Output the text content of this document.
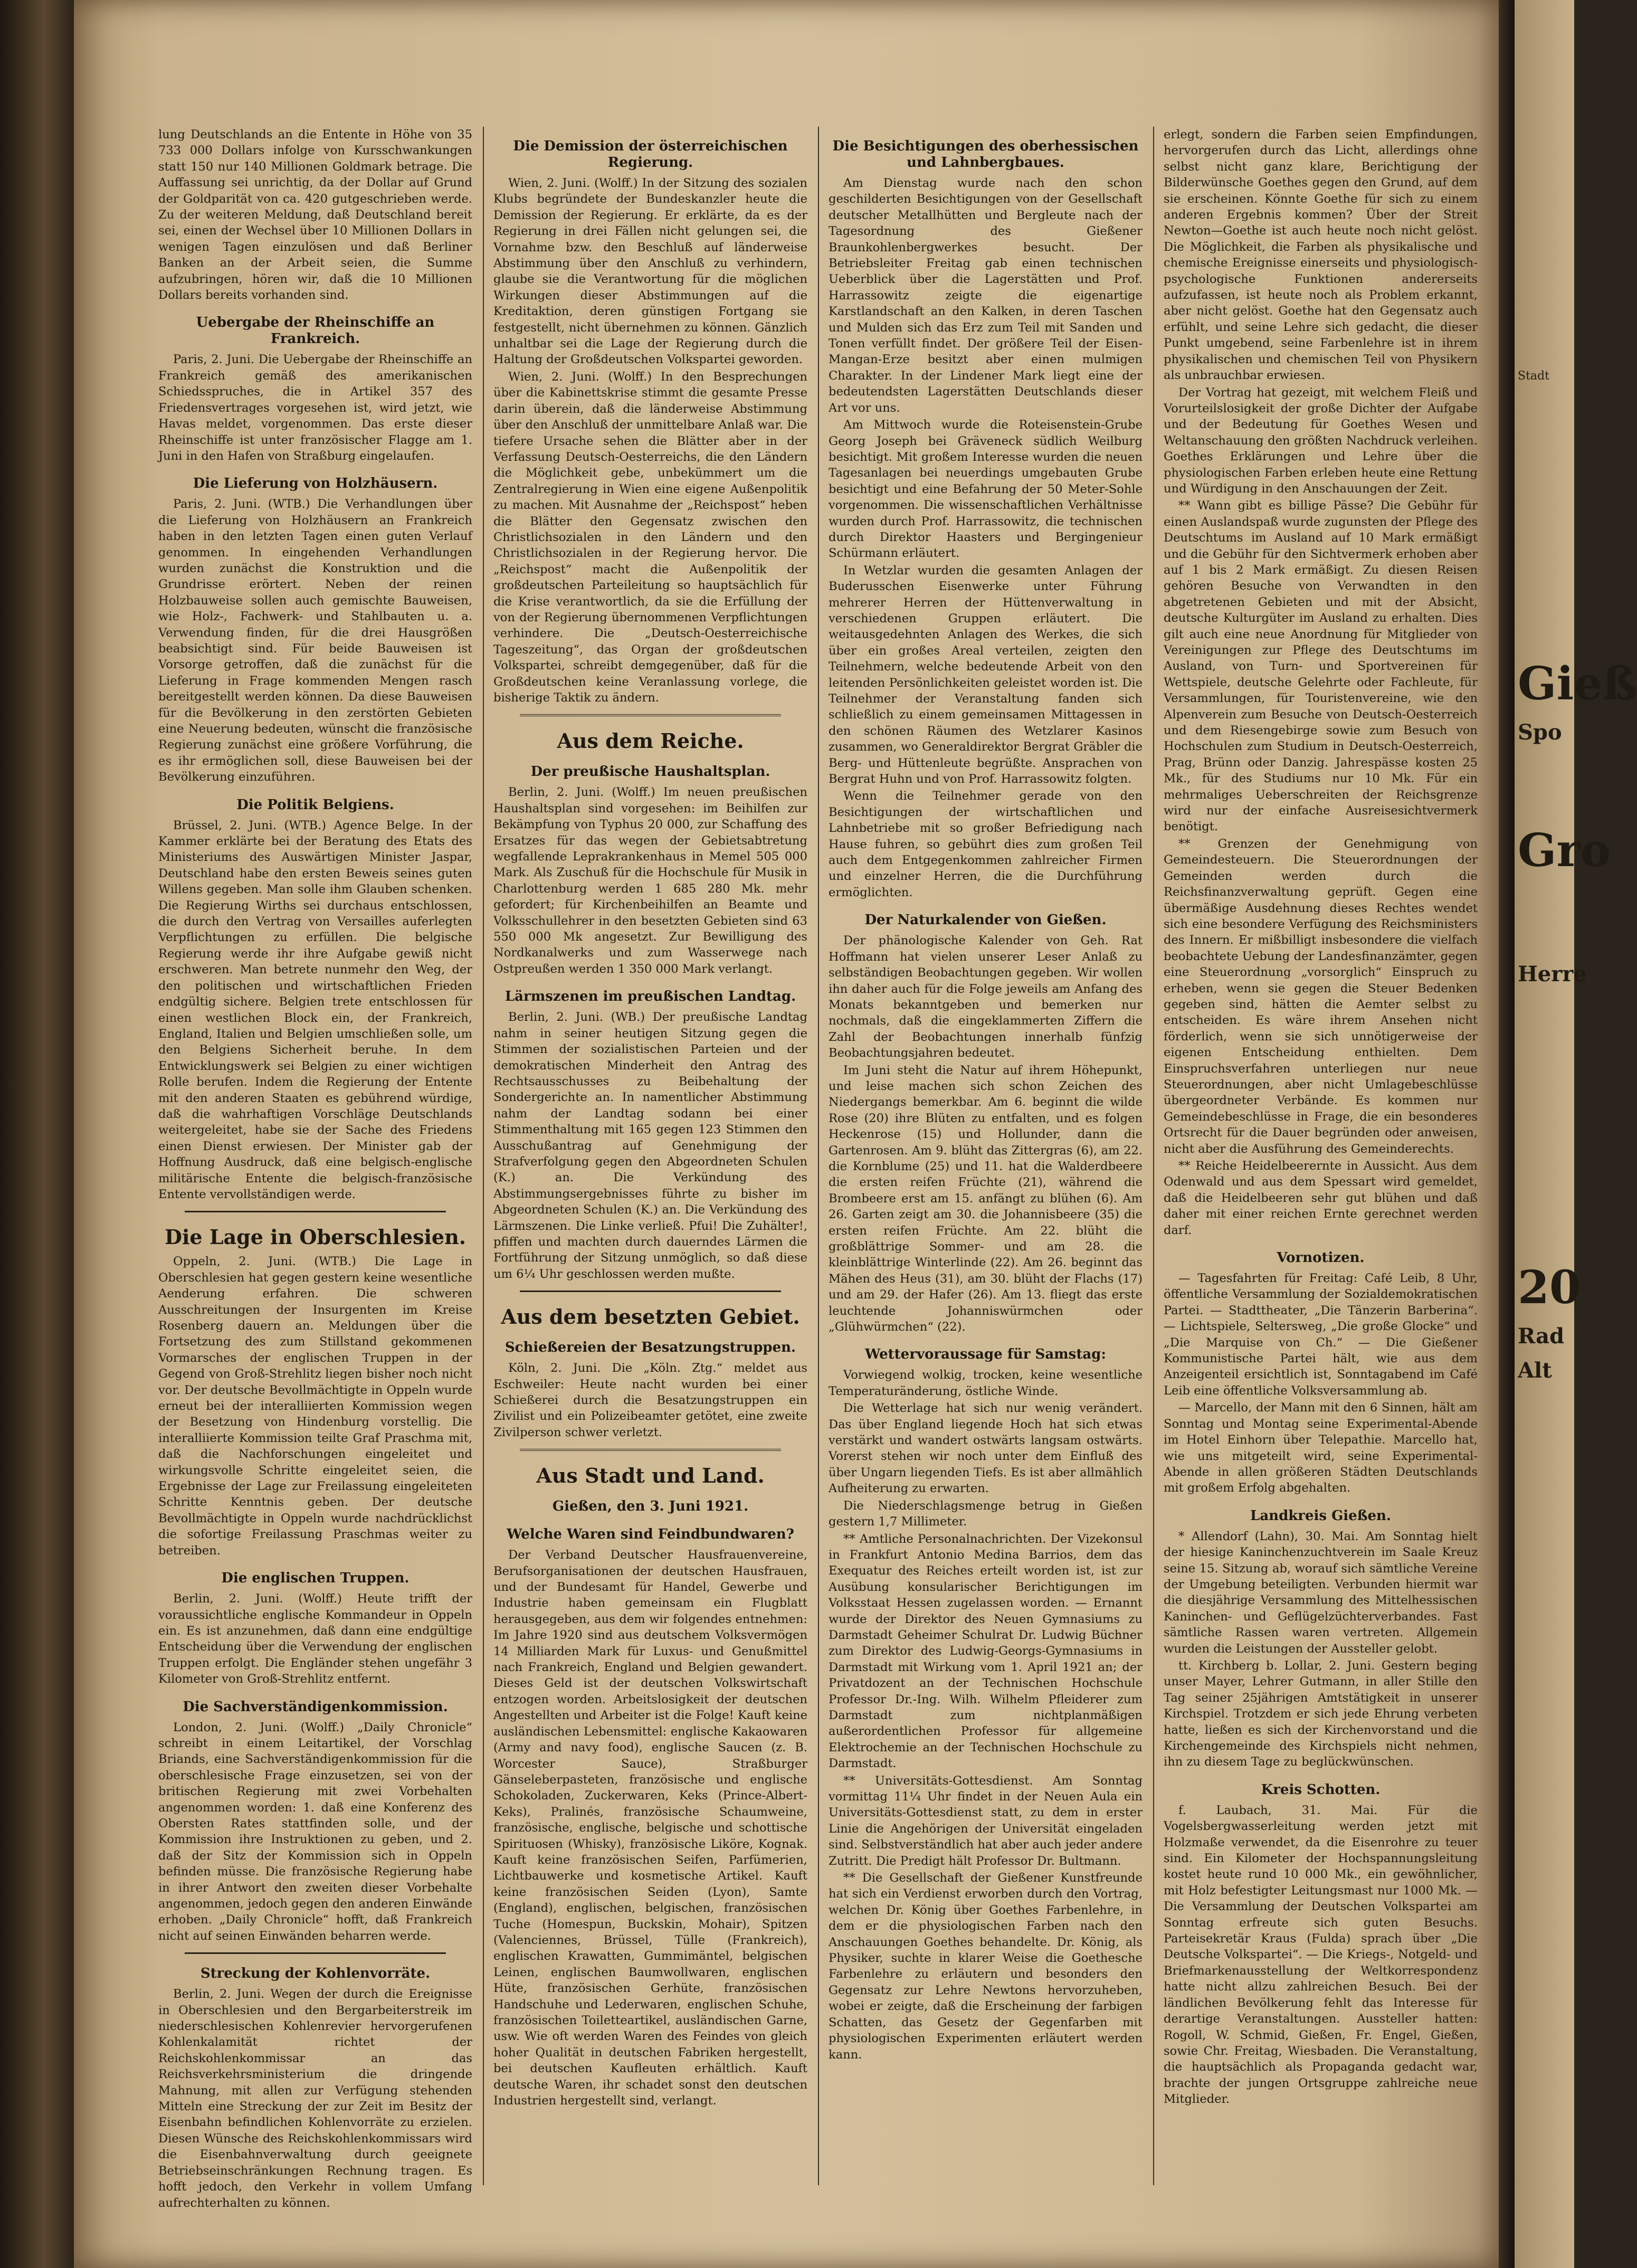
lung Deutschlands an die Entente in Höhe von 35 733 000 Dollars infolge von Kursschwankungen statt 150 nur 140 Millionen Goldmark betrage. Die Auffassung sei unrichtig, da der Dollar auf Grund der Goldparität von ca. 420 gutgeschrieben werde. Zu der weiteren Meldung, daß Deutschland bereit sei, einen der Wechsel über 10 Millionen Dollars in wenigen Tagen einzulösen und daß Berliner Banken an der Arbeit seien, die Summe aufzubringen, hören wir, daß die 10 Millionen Dollars bereits vorhanden sind.

Uebergabe der Rheinschiffe an Frankreich.

Paris, 2. Juni. Die Uebergabe der Rheinschiffe an Frankreich gemäß des amerikanischen Schiedsspruches, die in Artikel 357 des Friedensvertrages vorgesehen ist, wird jetzt, wie Havas meldet, vorgenommen. Das erste dieser Rheinschiffe ist unter französischer Flagge am 1. Juni in den Hafen von Straßburg eingelaufen.

Die Lieferung von Holzhäusern.

Paris, 2. Juni. (WTB.) Die Verhandlungen über die Lieferung von Holzhäusern an Frankreich haben in den letzten Tagen einen guten Verlauf genommen. In eingehenden Verhandlungen wurden zunächst die Konstruktion und die Grundrisse erörtert. Neben der reinen Holzbauweise sollen auch gemischte Bauweisen, wie Holz-, Fachwerk- und Stahlbauten u. a. Verwendung finden, für die drei Hausgrößen beabsichtigt sind. Für beide Bauweisen ist Vorsorge getroffen, daß die zunächst für die Lieferung in Frage kommenden Mengen rasch bereitgestellt werden können. Da diese Bauweisen für die Bevölkerung in den zerstörten Gebieten eine Neuerung bedeuten, wünscht die französische Regierung zunächst eine größere Vorführung, die es ihr ermöglichen soll, diese Bauweisen bei der Bevölkerung einzuführen.

Die Politik Belgiens.

Brüssel, 2. Juni. (WTB.) Agence Belge. In der Kammer erklärte bei der Beratung des Etats des Ministeriums des Auswärtigen Minister Jaspar, Deutschland habe den ersten Beweis seines guten Willens gegeben. Man solle ihm Glauben schenken. Die Regierung Wirths sei durchaus entschlossen, die durch den Vertrag von Versailles auferlegten Verpflichtungen zu erfüllen. Die belgische Regierung werde ihr ihre Aufgabe gewiß nicht erschweren. Man betrete nunmehr den Weg, der den politischen und wirtschaftlichen Frieden endgültig sichere. Belgien trete entschlossen für einen westlichen Block ein, der Frankreich, England, Italien und Belgien umschließen solle, um den Belgiens Sicherheit beruhe. In dem Entwicklungswerk sei Belgien zu einer wichtigen Rolle berufen. Indem die Regierung der Entente mit den anderen Staaten es gebührend würdige, daß die wahrhaftigen Vorschläge Deutschlands weitergeleitet, habe sie der Sache des Friedens einen Dienst erwiesen. Der Minister gab der Hoffnung Ausdruck, daß eine belgisch-englische militärische Entente die belgisch-französische Entente vervollständigen werde.

Die Lage in Oberschlesien.

Oppeln, 2. Juni. (WTB.) Die Lage in Oberschlesien hat gegen gestern keine wesentliche Aenderung erfahren. Die schweren Ausschreitungen der Insurgenten im Kreise Rosenberg dauern an. Meldungen über die Fortsetzung des zum Stillstand gekommenen Vormarsches der englischen Truppen in der Gegend von Groß-Strehlitz liegen bisher noch nicht vor. Der deutsche Bevollmächtigte in Oppeln wurde erneut bei der interalliierten Kommission wegen der Besetzung von Hindenburg vorstellig. Die interalliierte Kommission teilte Graf Praschma mit, daß die Nachforschungen eingeleitet und wirkungsvolle Schritte eingeleitet seien, die Ergebnisse der Lage zur Freilassung eingeleiteten Schritte Kenntnis geben. Der deutsche Bevollmächtigte in Oppeln wurde nachdrücklichst die sofortige Freilassung Praschmas weiter zu betreiben.

Die englischen Truppen.

Berlin, 2. Juni. (Wolff.) Heute trifft der voraussichtliche englische Kommandeur in Oppeln ein. Es ist anzunehmen, daß dann eine endgültige Entscheidung über die Verwendung der englischen Truppen erfolgt. Die Engländer stehen ungefähr 3 Kilometer von Groß-Strehlitz entfernt.

Die Sachverständigenkommission.

London, 2. Juni. (Wolff.) „Daily Chronicle“ schreibt in einem Leitartikel, der Vorschlag Briands, eine Sachverständigenkommission für die oberschlesische Frage einzusetzen, sei von der britischen Regierung mit zwei Vorbehalten angenommen worden: 1. daß eine Konferenz des Obersten Rates stattfinden solle, und der Kommission ihre Instruktionen zu geben, und 2. daß der Sitz der Kommission sich in Oppeln befinden müsse. Die französische Regierung habe in ihrer Antwort den zweiten dieser Vorbehalte angenommen, jedoch gegen den anderen Einwände erhoben. „Daily Chronicle“ hofft, daß Frankreich nicht auf seinen Einwänden beharren werde.

Streckung der Kohlenvorräte.

Berlin, 2. Juni. Wegen der durch die Ereignisse in Oberschlesien und den Bergarbeiterstreik im niederschlesischen Kohlenrevier hervorgerufenen Kohlenkalamität richtet der Reichskohlenkommissar an das Reichsverkehrsministerium die dringende Mahnung, mit allen zur Verfügung stehenden Mitteln eine Streckung der zur Zeit im Besitz der Eisenbahn befindlichen Kohlenvorräte zu erzielen. Diesen Wünsche des Reichskohlenkommissars wird die Eisenbahnverwaltung durch geeignete Betriebseinschränkungen Rechnung tragen. Es hofft jedoch, den Verkehr in vollem Umfang aufrechterhalten zu können.

Die Demission der österreichischen Regierung.

Wien, 2. Juni. (Wolff.) In der Sitzung des sozialen Klubs begründete der Bundeskanzler heute die Demission der Regierung. Er erklärte, da es der Regierung in drei Fällen nicht gelungen sei, die Vornahme bzw. den Beschluß auf länderweise Abstimmung über den Anschluß zu verhindern, glaube sie die Verantwortung für die möglichen Wirkungen dieser Abstimmungen auf die Kreditaktion, deren günstigen Fortgang sie festgestellt, nicht übernehmen zu können. Gänzlich unhaltbar sei die Lage der Regierung durch die Haltung der Großdeutschen Volkspartei geworden.

Wien, 2. Juni. (Wolff.) In den Besprechungen über die Kabinettskrise stimmt die gesamte Presse darin überein, daß die länderweise Abstimmung über den Anschluß der unmittelbare Anlaß war. Die tiefere Ursache sehen die Blätter aber in der Verfassung Deutsch-Oesterreichs, die den Ländern die Möglichkeit gebe, unbekümmert um die Zentralregierung in Wien eine eigene Außenpolitik zu machen. Mit Ausnahme der „Reichspost“ heben die Blätter den Gegensatz zwischen den Christlichsozialen in den Ländern und den Christlichsozialen in der Regierung hervor. Die „Reichspost“ macht die Außenpolitik der großdeutschen Parteileitung so hauptsächlich für die Krise verantwortlich, da sie die Erfüllung der von der Regierung übernommenen Verpflichtungen verhindere. Die „Deutsch-Oesterreichische Tageszeitung“, das Organ der großdeutschen Volkspartei, schreibt demgegenüber, daß für die Großdeutschen keine Veranlassung vorlege, die bisherige Taktik zu ändern.

Aus dem Reiche.
Der preußische Haushaltsplan.

Berlin, 2. Juni. (Wolff.) Im neuen preußischen Haushaltsplan sind vorgesehen: im Beihilfen zur Bekämpfung von Typhus 20 000, zur Schaffung des Ersatzes für das wegen der Gebietsabtretung wegfallende Leprakrankenhaus in Memel 505 000 Mark. Als Zuschuß für die Hochschule für Musik in Charlottenburg werden 1 685 280 Mk. mehr gefordert; für Kirchenbeihilfen an Beamte und Volksschullehrer in den besetzten Gebieten sind 63 550 000 Mk angesetzt. Zur Bewilligung des Nordkanalwerks und zum Wasserwege nach Ostpreußen werden 1 350 000 Mark verlangt.

Lärmszenen im preußischen Landtag.

Berlin, 2. Juni. (WB.) Der preußische Landtag nahm in seiner heutigen Sitzung gegen die Stimmen der sozialistischen Parteien und der demokratischen Minderheit den Antrag des Rechtsausschusses zu Beibehaltung der Sondergerichte an. In namentlicher Abstimmung nahm der Landtag sodann bei einer Stimmenthaltung mit 165 gegen 123 Stimmen den Ausschußantrag auf Genehmigung der Strafverfolgung gegen den Abgeordneten Schulen (K.) an. Die Verkündung des Abstimmungsergebnisses führte zu bisher im Abgeordneten Schulen (K.) an. Die Verkündung des Lärmszenen. Die Linke verließ. Pfui! Die Zuhälter!, pfiffen und machten durch dauerndes Lärmen die Fortführung der Sitzung unmöglich, so daß diese um 6¼ Uhr geschlossen werden mußte.

Aus dem besetzten Gebiet.
Schießereien der Besatzungstruppen.

Köln, 2. Juni. Die „Köln. Ztg.“ meldet aus Eschweiler: Heute nacht wurden bei einer Schießerei durch die Besatzungstruppen ein Zivilist und ein Polizeibeamter getötet, eine zweite Zivilperson schwer verletzt.

Aus Stadt und Land.
Gießen, den 3. Juni 1921.
Welche Waren sind Feindbundwaren?

Der Verband Deutscher Hausfrauenvereine, Berufsorganisationen der deutschen Hausfrauen, und der Bundesamt für Handel, Gewerbe und Industrie haben gemeinsam ein Flugblatt herausgegeben, aus dem wir folgendes entnehmen: Im Jahre 1920 sind aus deutschem Volksvermögen 14 Milliarden Mark für Luxus- und Genußmittel nach Frankreich, England und Belgien gewandert. Dieses Geld ist der deutschen Volkswirtschaft entzogen worden. Arbeitslosigkeit der deutschen Angestellten und Arbeiter ist die Folge! Kauft keine ausländischen Lebensmittel: englische Kakaowaren (Army and navy food), englische Saucen (z. B. Worcester Sauce), Straßburger Gänseleberpasteten, französische und englische Schokoladen, Zuckerwaren, Keks (Prince-Albert-Keks), Pralinés, französische Schaumweine, französische, englische, belgische und schottische Spirituosen (Whisky), französische Liköre, Kognak. Kauft keine französischen Seifen, Parfümerien, Lichtbauwerke und kosmetische Artikel. Kauft keine französischen Seiden (Lyon), Samte (England), englischen, belgischen, französischen Tuche (Homespun, Buckskin, Mohair), Spitzen (Valenciennes, Brüssel, Tülle (Frankreich), englischen Krawatten, Gummimäntel, belgischen Leinen, englischen Baumwollwaren, englischen Hüte, französischen Gerhüte, französischen Handschuhe und Lederwaren, englischen Schuhe, französischen Toiletteartikel, ausländischen Garne, usw. Wie oft werden Waren des Feindes von gleich hoher Qualität in deutschen Fabriken hergestellt, bei deutschen Kaufleuten erhältlich. Kauft deutsche Waren, ihr schadet sonst den deutschen Industrien hergestellt sind, verlangt.

Die Besichtigungen des oberhessischen und Lahnbergbaues.

Am Dienstag wurde nach den schon geschilderten Besichtigungen von der Gesellschaft deutscher Metallhütten und Bergleute nach der Tagesordnung des Gießener Braunkohlenbergwerkes besucht. Der Betriebsleiter Freitag gab einen technischen Ueberblick über die Lagerstätten und Prof. Harrassowitz zeigte die eigenartige Karstlandschaft an den Kalken, in deren Taschen und Mulden sich das Erz zum Teil mit Sanden und Tonen verfüllt findet. Der größere Teil der Eisen-Mangan-Erze besitzt aber einen mulmigen Charakter. In der Lindener Mark liegt eine der bedeutendsten Lagerstätten Deutschlands dieser Art vor uns.

Am Mittwoch wurde die Roteisenstein-Grube Georg Joseph bei Gräveneck südlich Weilburg besichtigt. Mit großem Interesse wurden die neuen Tagesanlagen bei neuerdings umgebauten Grube besichtigt und eine Befahrung der 50 Meter-Sohle vorgenommen. Die wissenschaftlichen Verhältnisse wurden durch Prof. Harrassowitz, die technischen durch Direktor Haasters und Bergingenieur Schürmann erläutert.

In Wetzlar wurden die gesamten Anlagen der Buderusschen Eisenwerke unter Führung mehrerer Herren der Hüttenverwaltung in verschiedenen Gruppen erläutert. Die weitausgedehnten Anlagen des Werkes, die sich über ein großes Areal verteilen, zeigten den Teilnehmern, welche bedeutende Arbeit von den leitenden Persönlichkeiten geleistet worden ist. Die Teilnehmer der Veranstaltung fanden sich schließlich zu einem gemeinsamen Mittagessen in den schönen Räumen des Wetzlarer Kasinos zusammen, wo Generaldirektor Bergrat Gräbler die Berg- und Hüttenleute begrüßte. Ansprachen von Bergrat Huhn und von Prof. Harrassowitz folgten.

Wenn die Teilnehmer gerade von den Besichtigungen der wirtschaftlichen und Lahnbetriebe mit so großer Befriedigung nach Hause fuhren, so gebührt dies zum großen Teil auch dem Entgegenkommen zahlreicher Firmen und einzelner Herren, die die Durchführung ermöglichten.

Der Naturkalender von Gießen.

Der phänologische Kalender von Geh. Rat Hoffmann hat vielen unserer Leser Anlaß zu selbständigen Beobachtungen gegeben. Wir wollen ihn daher auch für die Folge jeweils am Anfang des Monats bekanntgeben und bemerken nur nochmals, daß die eingeklammerten Ziffern die Zahl der Beobachtungen innerhalb fünfzig Beobachtungsjahren bedeutet.

Im Juni steht die Natur auf ihrem Höhepunkt, und leise machen sich schon Zeichen des Niedergangs bemerkbar. Am 6. beginnt die wilde Rose (20) ihre Blüten zu entfalten, und es folgen Heckenrose (15) und Hollunder, dann die Gartenrosen. Am 9. blüht das Zittergras (6), am 22. die Kornblume (25) und 11. hat die Walderdbeere die ersten reifen Früchte (21), während die Brombeere erst am 15. anfängt zu blühen (6). Am 26. Garten zeigt am 30. die Johannisbeere (35) die ersten reifen Früchte. Am 22. blüht die großblättrige Sommer- und am 28. die kleinblättrige Winterlinde (22). Am 26. beginnt das Mähen des Heus (31), am 30. blüht der Flachs (17) und am 29. der Hafer (26). Am 13. fliegt das erste leuchtende Johanniswürmchen oder „Glühwürmchen“ (22).

Wettervoraussage für Samstag:

Vorwiegend wolkig, trocken, keine wesentliche Temperaturänderung, östliche Winde.

Die Wetterlage hat sich nur wenig verändert. Das über England liegende Hoch hat sich etwas verstärkt und wandert ostwärts langsam ostwärts. Vorerst stehen wir noch unter dem Einfluß des über Ungarn liegenden Tiefs. Es ist aber allmählich Aufheiterung zu erwarten.

Die Niederschlagsmenge betrug in Gießen gestern 1,7 Millimeter.

** Amtliche Personalnachrichten. Der Vizekonsul in Frankfurt Antonio Medina Barrios, dem das Exequatur des Reiches erteilt worden ist, ist zur Ausübung konsularischer Berichtigungen im Volksstaat Hessen zugelassen worden. — Ernannt wurde der Direktor des Neuen Gymnasiums zu Darmstadt Geheimer Schulrat Dr. Ludwig Büchner zum Direktor des Ludwig-Georgs-Gymnasiums in Darmstadt mit Wirkung vom 1. April 1921 an; der Privatdozent an der Technischen Hochschule Professor Dr.-Ing. Wilh. Wilhelm Pfleiderer zum Darmstadt zum nichtplanmäßigen außerordentlichen Professor für allgemeine Elektrochemie an der Technischen Hochschule zu Darmstadt.

** Universitäts-Gottesdienst. Am Sonntag vormittag 11¼ Uhr findet in der Neuen Aula ein Universitäts-Gottesdienst statt, zu dem in erster Linie die Angehörigen der Universität eingeladen sind. Selbstverständlich hat aber auch jeder andere Zutritt. Die Predigt hält Professor Dr. Bultmann.

** Die Gesellschaft der Gießener Kunstfreunde hat sich ein Verdienst erworben durch den Vortrag, welchen Dr. König über Goethes Farbenlehre, in dem er die physiologischen Farben nach den Anschauungen Goethes behandelte. Dr. König, als Physiker, suchte in klarer Weise die Goethesche Farbenlehre zu erläutern und besonders den Gegensatz zur Lehre Newtons hervorzuheben, wobei er zeigte, daß die Erscheinung der farbigen Schatten, das Gesetz der Gegenfarben mit physiologischen Experimenten erläutert werden kann.

erlegt, sondern die Farben seien Empfindungen, hervorgerufen durch das Licht, allerdings ohne selbst nicht ganz klare, Berichtigung der Bilderwünsche Goethes gegen den Grund, auf dem sie erscheinen. Könnte Goethe für sich zu einem anderen Ergebnis kommen? Über der Streit Newton—Goethe ist auch heute noch nicht gelöst. Die Möglichkeit, die Farben als physikalische und chemische Ereignisse einerseits und physiologisch-psychologische Funktionen andererseits aufzufassen, ist heute noch als Problem erkannt, aber nicht gelöst. Goethe hat den Gegensatz auch erfühlt, und seine Lehre sich gedacht, die dieser Punkt umgebend, seine Farbenlehre ist in ihrem physikalischen und chemischen Teil von Physikern als unbrauchbar erwiesen.

Der Vortrag hat gezeigt, mit welchem Fleiß und Vorurteilslosigkeit der große Dichter der Aufgabe und der Bedeutung für Goethes Wesen und Weltanschauung den größten Nachdruck verleihen. Goethes Erklärungen und Lehre über die physiologischen Farben erleben heute eine Rettung und Würdigung in den Anschauungen der Zeit.

** Wann gibt es billige Pässe? Die Gebühr für einen Auslandspaß wurde zugunsten der Pflege des Deutschtums im Ausland auf 10 Mark ermäßigt und die Gebühr für den Sichtvermerk erhoben aber auf 1 bis 2 Mark ermäßigt. Zu diesen Reisen gehören Besuche von Verwandten in den abgetretenen Gebieten und mit der Absicht, deutsche Kulturgüter im Ausland zu erhalten. Dies gilt auch eine neue Anordnung für Mitglieder von Vereinigungen zur Pflege des Deutschtums im Ausland, von Turn- und Sportvereinen für Wettspiele, deutsche Gelehrte oder Fachleute, für Versammlungen, für Touristenvereine, wie den Alpenverein zum Besuche von Deutsch-Oesterreich und dem Riesengebirge sowie zum Besuch von Hochschulen zum Studium in Deutsch-Oesterreich, Prag, Brünn oder Danzig. Jahrespässe kosten 25 Mk., für des Studiums nur 10 Mk. Für ein mehrmaliges Ueberschreiten der Reichsgrenze wird nur der einfache Ausreisesichtvermerk benötigt.

** Grenzen der Genehmigung von Gemeindesteuern. Die Steuerordnungen der Gemeinden werden durch die Reichsfinanzverwaltung geprüft. Gegen eine übermäßige Ausdehnung dieses Rechtes wendet sich eine besondere Verfügung des Reichsministers des Innern. Er mißbilligt insbesondere die vielfach beobachtete Uebung der Landesfinanzämter, gegen eine Steuerordnung „vorsorglich“ Einspruch zu erheben, wenn sie gegen die Steuer Bedenken gegeben sind, hätten die Aemter selbst zu entscheiden. Es wäre ihrem Ansehen nicht förderlich, wenn sie sich unnötigerweise der eigenen Entscheidung enthielten. Dem Einspruchsverfahren unterliegen nur neue Steuerordnungen, aber nicht Umlagebeschlüsse übergeordneter Verbände. Es kommen nur Gemeindebeschlüsse in Frage, die ein besonderes Ortsrecht für die Dauer begründen oder anweisen, nicht aber die Ausführung des Gemeinderechts.

** Reiche Heidelbeerernte in Aussicht. Aus dem Odenwald und aus dem Spessart wird gemeldet, daß die Heidelbeeren sehr gut blühen und daß daher mit einer reichen Ernte gerechnet werden darf.

Vornotizen.

— Tagesfahrten für Freitag: Café Leib, 8 Uhr, öffentliche Versammlung der Sozialdemokratischen Partei. — Stadttheater, „Die Tänzerin Barberina“. — Lichtspiele, Seltersweg, „Die große Glocke“ und „Die Marquise von Ch.“ — Die Gießener Kommunistische Partei hält, wie aus dem Anzeigenteil ersichtlich ist, Sonntagabend im Café Leib eine öffentliche Volksversammlung ab.

— Marcello, der Mann mit den 6 Sinnen, hält am Sonntag und Montag seine Experimental-Abende im Hotel Einhorn über Telepathie. Marcello hat, wie uns mitgeteilt wird, seine Experimental-Abende in allen größeren Städten Deutschlands mit großem Erfolg abgehalten.

Landkreis Gießen.

* Allendorf (Lahn), 30. Mai. Am Sonntag hielt der hiesige Kaninchenzuchtverein im Saale Kreuz seine 15. Sitzung ab, worauf sich sämtliche Vereine der Umgebung beteiligten. Verbunden hiermit war die diesjährige Versammlung des Mittelhessischen Kaninchen- und Geflügelzüchterverbandes. Fast sämtliche Rassen waren vertreten. Allgemein wurden die Leistungen der Aussteller gelobt.

tt. Kirchberg b. Lollar, 2. Juni. Gestern beging unser Mayer, Lehrer Gutmann, in aller Stille den Tag seiner 25jährigen Amtstätigkeit in unserer Kirchspiel. Trotzdem er sich jede Ehrung verbeten hatte, ließen es sich der Kirchenvorstand und die Kirchengemeinde des Kirchspiels nicht nehmen, ihn zu diesem Tage zu beglückwünschen.

Kreis Schotten.

f. Laubach, 31. Mai. Für die Vogelsbergwasserleitung werden jetzt mit Holzmaße verwendet, da die Eisenrohre zu teuer sind. Ein Kilometer der Hochspannungsleitung kostet heute rund 10 000 Mk., ein gewöhnlicher, mit Holz befestigter Leitungsmast nur 1000 Mk. — Die Versammlung der Deutschen Volkspartei am Sonntag erfreute sich guten Besuchs. Parteisekretär Kraus (Fulda) sprach über „Die Deutsche Volkspartei“. — Die Kriegs-, Notgeld- und Briefmarkenausstellung der Weltkorrespondenz hatte nicht allzu zahlreichen Besuch. Bei der ländlichen Bevölkerung fehlt das Interesse für derartige Veranstaltungen. Aussteller hatten: Rogoll, W. Schmid, Gießen, Fr. Engel, Gießen, sowie Chr. Freitag, Wiesbaden. Die Veranstaltung, die hauptsächlich als Propaganda gedacht war, brachte der jungen Ortsgruppe zahlreiche neue Mitglieder.

Stadt
Gieß
Spo
Gro
Herre
20
Rad
Alt
